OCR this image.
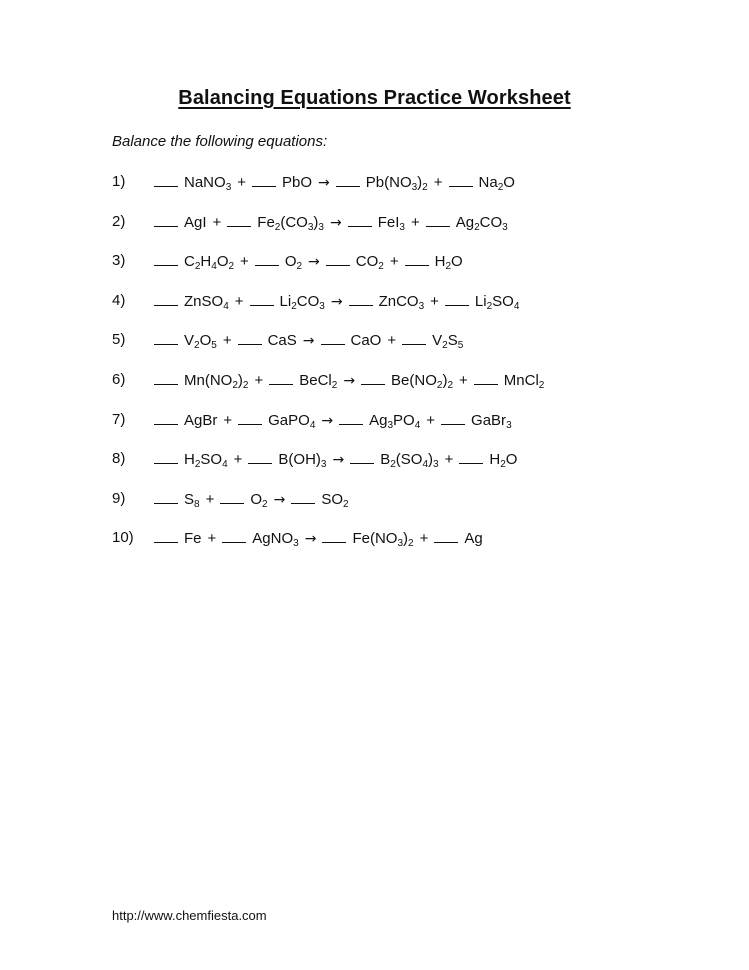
Balancing Equations Practice Worksheet
Balance the following equations:
1)	NaNO$_3$ + PbO → $Pb(NO_3)_2 + Na_2O$
2)	AgI + $Fe_2(CO_3)_3 \to FeI_3 + Ag_2CO_3$
3)	$C_2H_4O_2 + O_2 \to CO_2 + H_2O$
4)	ZnSO$_4$ + $Li_2CO_3$ → ZnCO$_3$ + $Li_2SO_4$
5)	$V_2O_5$ + CaS → CaO + $V_2S_5$
6)	$Mn(NO_2)_2$ + BeCl$_2$ → $Be(NO_2)_2$ + MnCl$_2$
7)	AgBr + GaPO$_4$ → $Ag_3PO_4$ + GaBr$_3$
8)	$H_2SO_4 + B(OH)_3 \to B_2(SO_4)_3 + H_2O$
9)	$S_8 + O_2 \to SO_2$
10)	Fe + AgNO$_3$ → $Fe(NO_3)_2 + Ag$
http://www.chemfiesta.com
